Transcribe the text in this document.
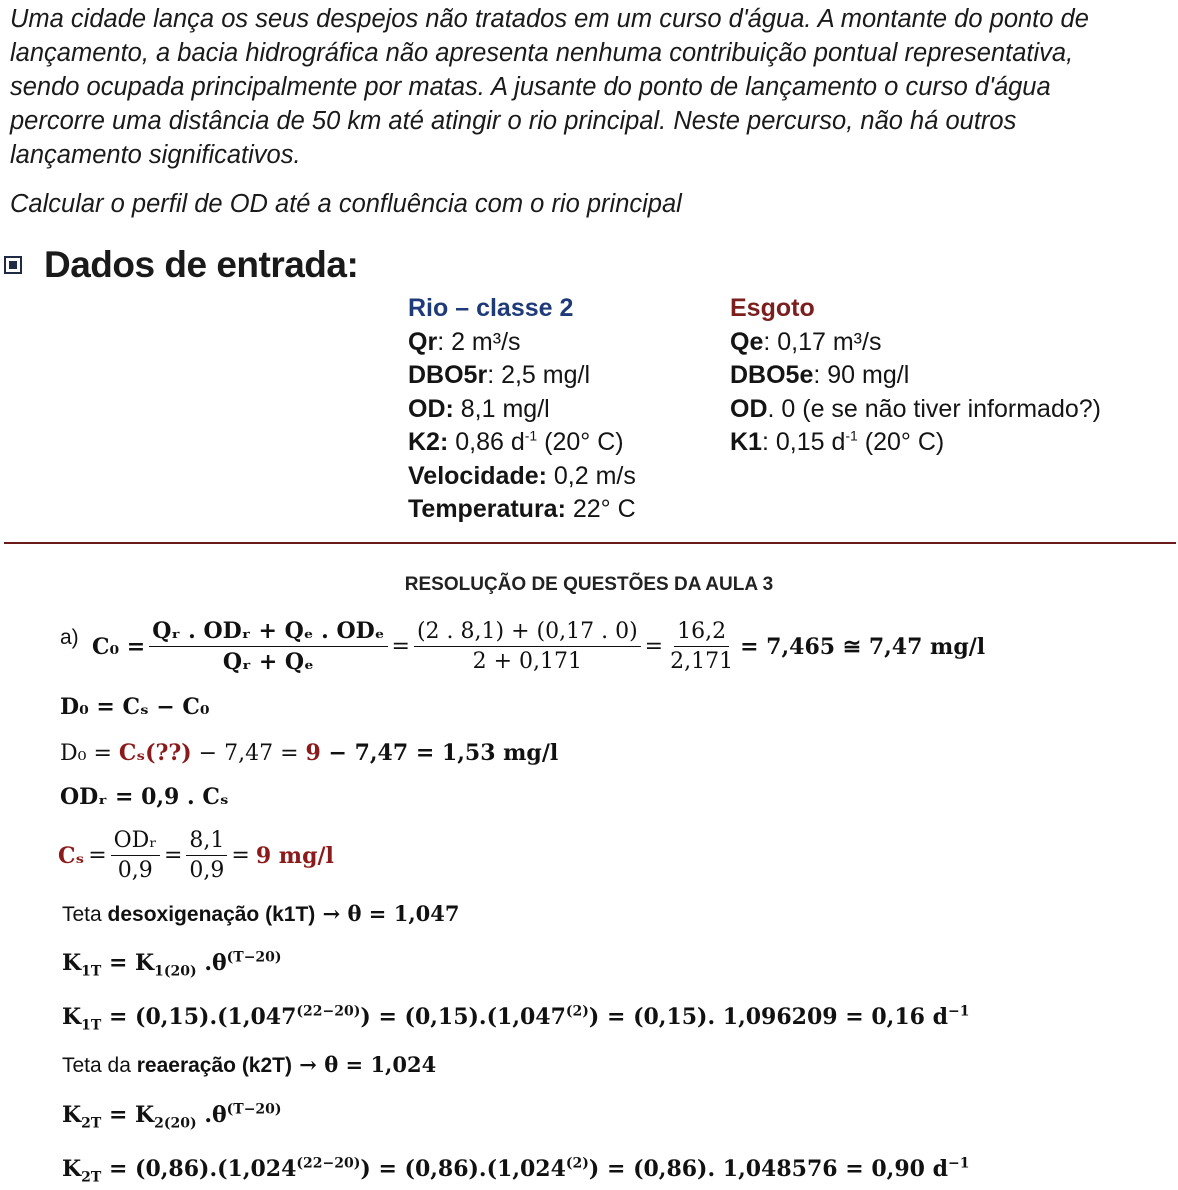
Uma cidade lança os seus despejos não tratados em um curso d'água. A montante do ponto de

lançamento, a bacia hidrográfica não apresenta nenhuma contribuição pontual representativa,

sendo ocupada principalmente por matas. A jusante do ponto de lançamento o curso d'água

percorre uma distância de 50 km até atingir o rio principal. Neste percurso, não há outros

lançamento significativos.

Calcular o perfil de OD até a confluência com o rio principal
Dados de entrada:
Rio – classe 2
Qr: 2 m³/s
DBO5r: 2,5 mg/l
OD: 8,1 mg/l
K2: 0,86 $d^{-1}$ (20° C)
Velocidade: 0,2 m/s
Temperatura: 22° C
Esgoto
Qe: 0,17 m³/s
DBO5e: 90 mg/l
OD. 0 (e se não tiver informado?)
K1: 0,15 $d^{-1}$ (20° C)
RESOLUÇÃO DE QUESTÕES DA AULA 3
a) $C_0 = \frac{\text{Qᵣ . ODᵣ + Qₑ . ODₑ}}{\text{Qᵣ + Qₑ}} = \frac{(2 . 8,1) + (0,17 . 0)}{2 + 0,171} = \frac{16,2}{2,171} = 7,465$ ≅ 7,47 mg/l
D₀ = Cₛ − C₀
D₀ = Cₛ(??) − 7,47 = 9 − 7,47 = 1,53 mg/l
ODᵣ = 0,9 . Cₛ
$C_s = \frac{\text{ODᵣ}}{0,9} = \frac{8,1}{0,9} = 9$ mg/l
Teta desoxigenação (k1T) → θ = 1,047
$K_{1T} = K_{1(20)}$ $.\theta^{(T-20)}$
$K_{1T} = (0,15).(1,047^{(22-20)}) = (0,15).(1,047^{(2)}) = (0,15)$. 1,096209 = 0,16 $d^{-1}$
Teta da reaeração (k2T) → θ = 1,024
$K_{2T} = K_{2(20)}$ $.\theta^{(T-20)}$
$K_{2T} = (0,86).(1,024^{(22-20)}) = (0,86).(1,024^{(2)}) = (0,86)$. 1,048576 = 0,90 $d^{-1}$
